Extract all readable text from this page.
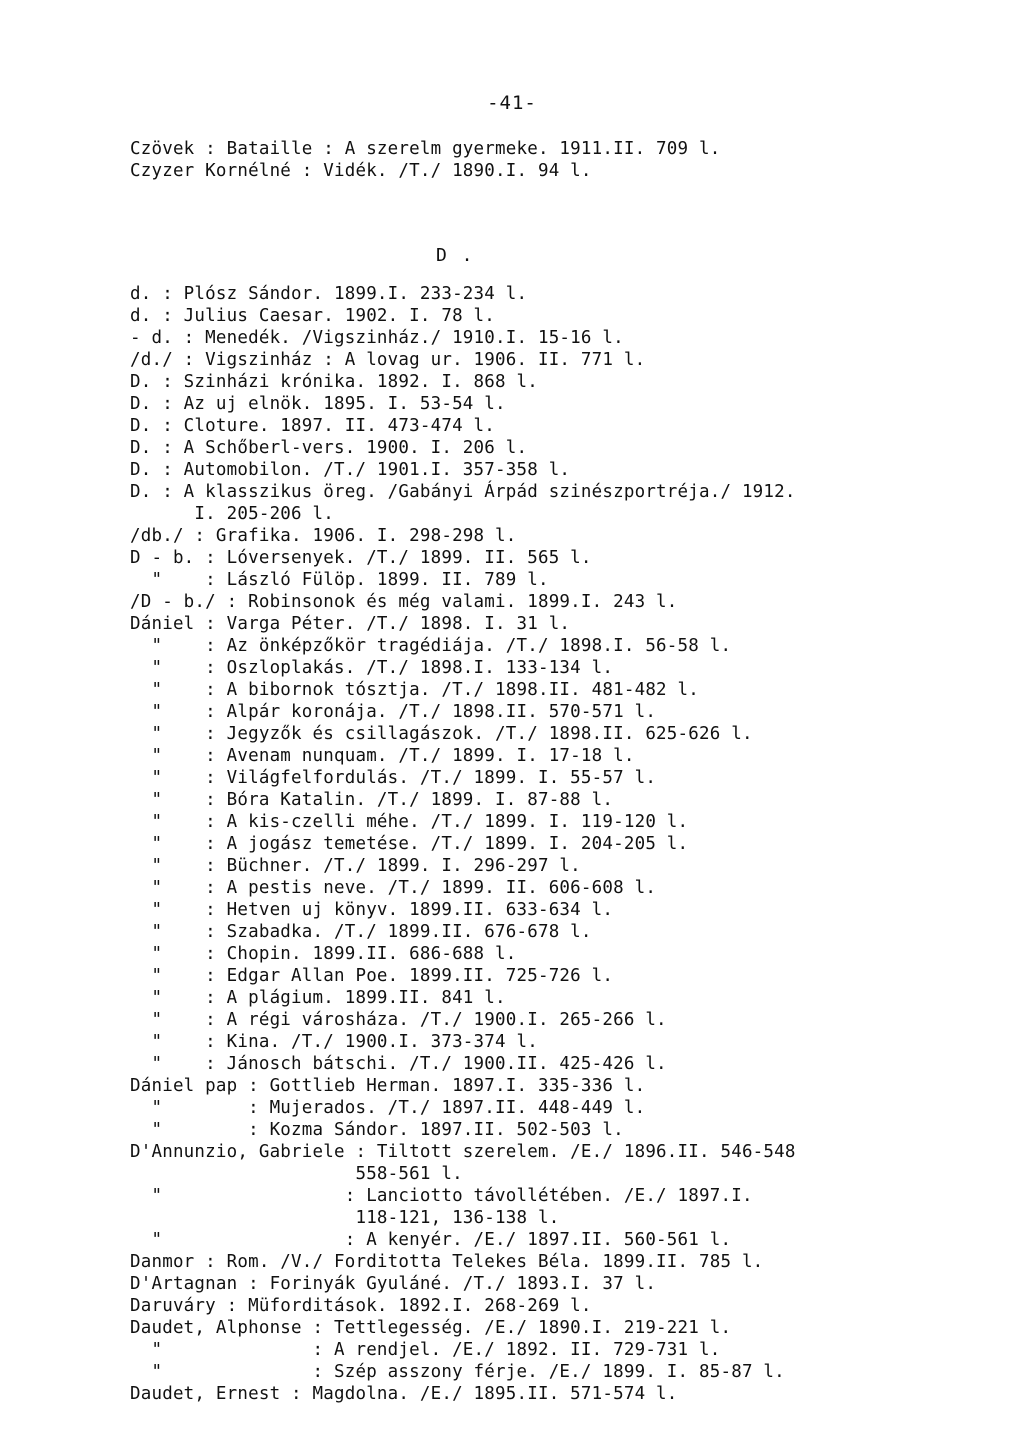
-41-
Czövek : Bataille : A szerelm gyermeke. 1911.II. 709 l.
Czyzer Kornélné : Vidék. /T./ 1890.I. 94 l.
D .
d. : Plósz Sándor. 1899.I. 233-234 l.
d. : Julius Caesar. 1902. I. 78 l.
- d. : Menedék. /Vigszinház./ 1910.I. 15-16 l.
/d./ : Vigszinház : A lovag ur. 1906. II. 771 l.
D. : Szinházi krónika. 1892. I. 868 l.
D. : Az uj elnök. 1895. I. 53-54 l.
D. : Cloture. 1897. II. 473-474 l.
D. : A Schőberl-vers. 1900. I. 206 l.
D. : Automobilon. /T./ 1901.I. 357-358 l.
D. : A klasszikus öreg. /Gabányi Árpád szinészportréja./ 1912.
I. 205-206 l.
/db./ : Grafika. 1906. I. 298-298 l.
D - b. : Lóversenyek. /T./ 1899. II. 565 l.
"    : László Fülöp. 1899. II. 789 l.
/D - b./ : Robinsonok és még valami. 1899.I. 243 l.
Dániel : Varga Péter. /T./ 1898. I. 31 l.
"    : Az önképzőkör tragédiája. /T./ 1898.I. 56-58 l.
"    : Oszloplakás. /T./ 1898.I. 133-134 l.
"    : A bibornok tósztja. /T./ 1898.II. 481-482 l.
"    : Alpár koronája. /T./ 1898.II. 570-571 l.
"    : Jegyzők és csillagászok. /T./ 1898.II. 625-626 l.
"    : Avenam nunquam. /T./ 1899. I. 17-18 l.
"    : Világfelfordulás. /T./ 1899. I. 55-57 l.
"    : Bóra Katalin. /T./ 1899. I. 87-88 l.
"    : A kis-czelli méhe. /T./ 1899. I. 119-120 l.
"    : A jogász temetése. /T./ 1899. I. 204-205 l.
"    : Büchner. /T./ 1899. I. 296-297 l.
"    : A pestis neve. /T./ 1899. II. 606-608 l.
"    : Hetven uj könyv. 1899.II. 633-634 l.
"    : Szabadka. /T./ 1899.II. 676-678 l.
"    : Chopin. 1899.II. 686-688 l.
"    : Edgar Allan Poe. 1899.II. 725-726 l.
"    : A plágium. 1899.II. 841 l.
"    : A régi városháza. /T./ 1900.I. 265-266 l.
"    : Kina. /T./ 1900.I. 373-374 l.
"    : Jánosch bátschi. /T./ 1900.II. 425-426 l.
Dániel pap : Gottlieb Herman. 1897.I. 335-336 l.
"        : Mujerados. /T./ 1897.II. 448-449 l.
"        : Kozma Sándor. 1897.II. 502-503 l.
D'Annunzio, Gabriele : Tiltott szerelem. /E./ 1896.II. 546-548
558-561 l.
"                 : Lanciotto távollétében. /E./ 1897.I.
118-121, 136-138 l.
"                 : A kenyér. /E./ 1897.II. 560-561 l.
Danmor : Rom. /V./ Forditotta Telekes Béla. 1899.II. 785 l.
D'Artagnan : Forinyák Gyuláné. /T./ 1893.I. 37 l.
Daruváry : Müforditások. 1892.I. 268-269 l.
Daudet, Alphonse : Tettlegesség. /E./ 1890.I. 219-221 l.
"              : A rendjel. /E./ 1892. II. 729-731 l.
"              : Szép asszony férje. /E./ 1899. I. 85-87 l.
Daudet, Ernest : Magdolna. /E./ 1895.II. 571-574 l.
